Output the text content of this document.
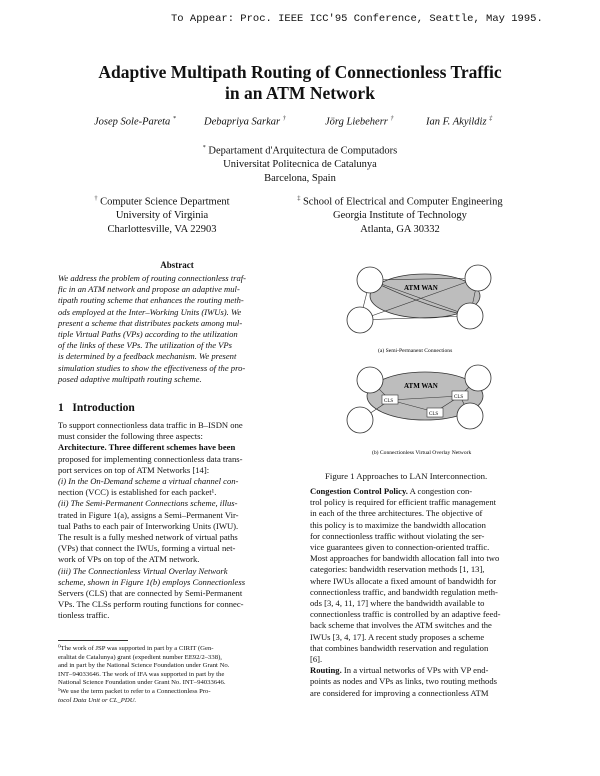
To Appear: Proc. IEEE ICC'95 Conference, Seattle, May 1995.
Adaptive Multipath Routing of Connectionless Traffic
in an ATM Network
Josep Sole-Pareta *	Debapriya Sarkar †	Jörg Liebeherr †	Ian F. Akyildiz ‡
* Departament d'Arquitectura de Computadors
Universitat Politecnica de Catalunya
Barcelona, Spain
† Computer Science Department
University of Virginia
Charlottesville, VA 22903
‡ School of Electrical and Computer Engineering
Georgia Institute of Technology
Atlanta, GA 30332
Abstract

We address the problem of routing connectionless traf-

fic in an ATM network and propose an adaptive mul-

tipath routing scheme that enhances the routing meth-

ods employed at the Inter–Working Units (IWUs). We

present a scheme that distributes packets among mul-

tiple Virtual Paths (VPs) according to the utilization

of the links of these VPs. The utilization of the VPs

is determined by a feedback mechanism. We present

simulation studies to show the effectiveness of the pro-

posed adaptive multipath routing scheme.

1 Introduction

To support connectionless data traffic in B–ISDN one

must consider the following three aspects:

Architecture. Three different schemes have been

proposed for implementing connectionless data trans-

port services on top of ATM Networks [14]:

(i) In the On-Demand scheme a virtual channel con-

nection (VCC) is established for each packet¹.

(ii) The Semi-Permanent Connections scheme, illus-

trated in Figure 1(a), assigns a Semi–Permanent Vir-

tual Paths to each pair of Interworking Units (IWU).

The result is a fully meshed network of virtual paths

(VPs) that connect the IWUs, forming a virtual net-

work of VPs on top of the ATM network.

(iii) The Connectionless Virtual Overlay Network

scheme, shown in Figure 1(b) employs Connectionless

Servers (CLS) that are connected by Semi-Permanent

VPs. The CLSs perform routing functions for connec-

tionless traffic.

⁰The work of JSP was supported in part by a CIRIT (Gen-
eralitat de Catalunya) grant (expedient number EE92/2–338),
and in part by the National Science Foundation under Grant No.
INT–94033646. The work of IFA was supported in part by the
National Science Foundation under Grant No. INT–94033646.
¹We use the term packet to refer to a Connectionless Pro-
tocol Data Unit or CL_PDU.
ATM WAN
(a) Semi-Permanent Connections
ATM WAN
CLS
CLS
CLS
(b) Connectionless Virtual Overlay Network
Figure 1 Approaches to LAN Interconnection.

Congestion Control Policy. A congestion con-

trol policy is required for efficient traffic management

in each of the three architectures. The objective of

this policy is to maximize the bandwidth allocation

for connectionless traffic without violating the ser-

vice guarantees given to connection-oriented traffic.

Most approaches for bandwidth allocation fall into two

categories: bandwidth reservation methods [1, 13],

where IWUs allocate a fixed amount of bandwidth for

connectionless traffic, and bandwidth regulation meth-

ods [3, 4, 11, 17] where the bandwidth available to

connectionless traffic is controlled by an adaptive feed-

back scheme that involves the ATM switches and the

IWUs [3, 4, 17]. A recent study proposes a scheme

that combines bandwidth reservation and regulation

[6].

Routing. In a virtual networks of VPs with VP end-

points as nodes and VPs as links, two routing methods

are considered for improving a connectionless ATM
